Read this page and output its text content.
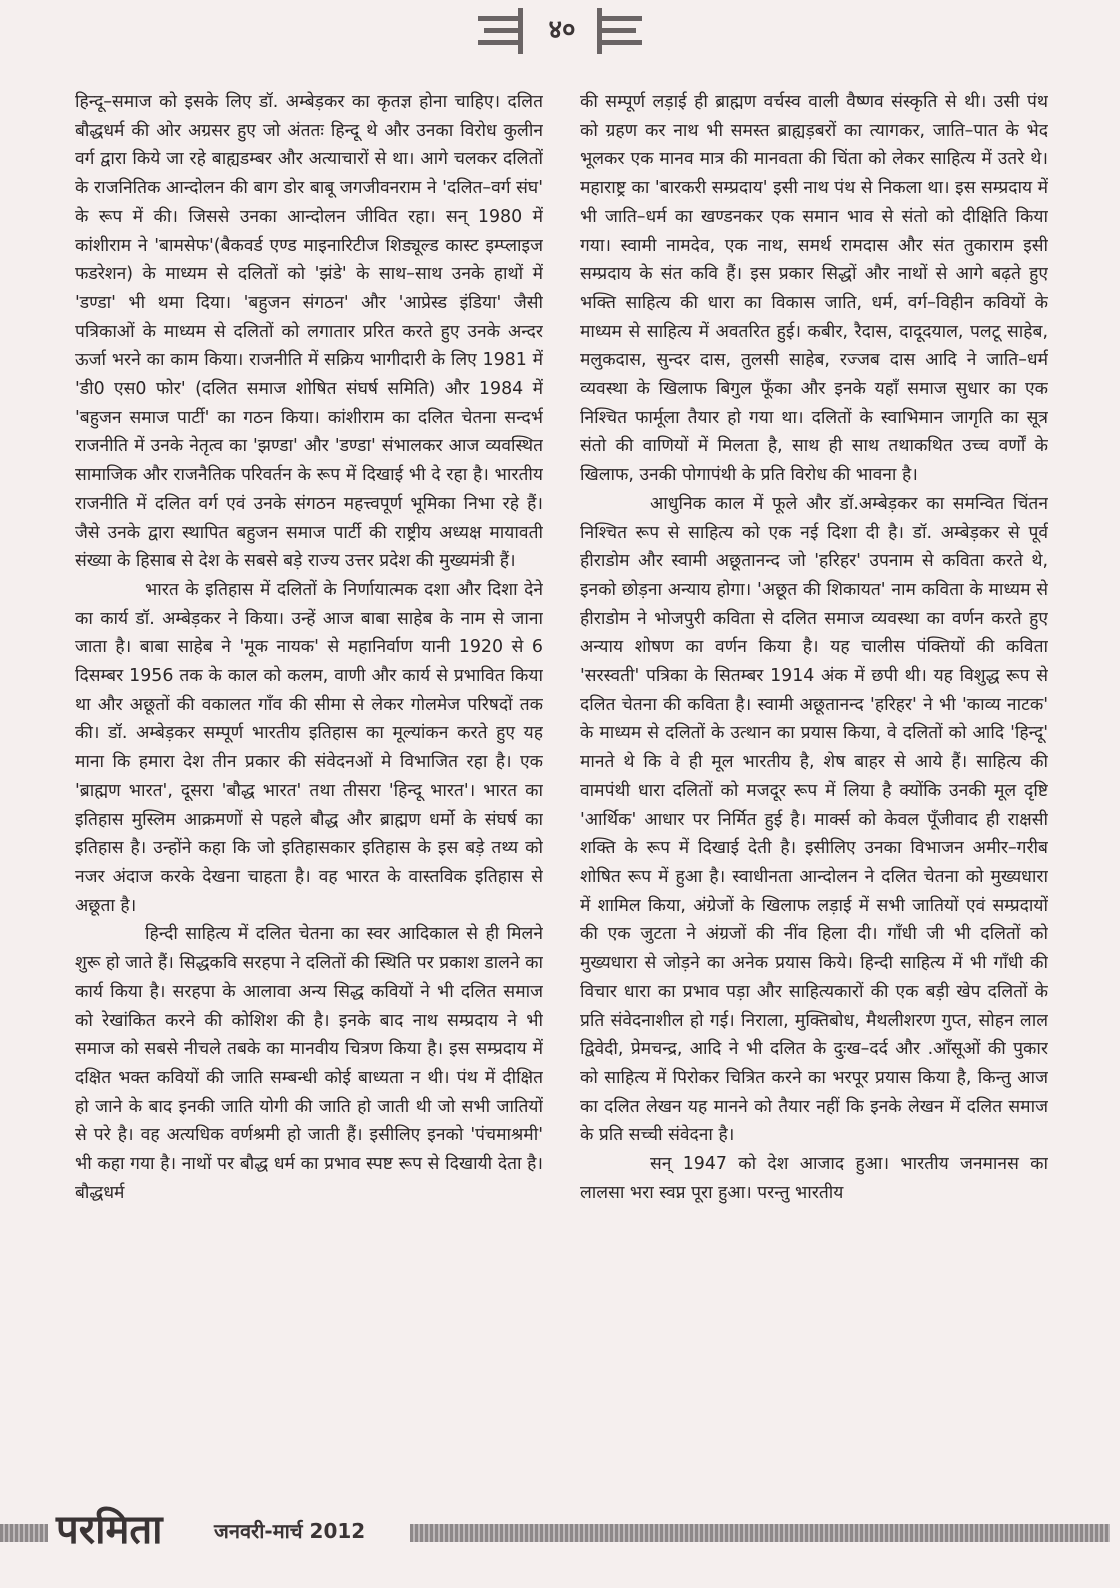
४०

हिन्दू–समाज को इसके लिए डॉ. अम्बेड़कर का कृतज्ञ होना चाहिए। दलित बौद्धधर्म की ओर अग्रसर हुए जो अंततः हिन्दू थे और उनका विरोध कुलीन वर्ग द्वारा किये जा रहे बाह्यडम्बर और अत्याचारों से था। आगे चलकर दलितों के राजनितिक आन्दोलन की बाग डोर बाबू जगजीवनराम ने 'दलित–वर्ग संघ' के रूप में की। जिससे उनका आन्दोलन जीवित रहा। सन् 1980 में कांशीराम ने 'बामसेफ'(बैकवर्ड एण्ड माइनारिटीज शिड्यूल्ड कास्ट इम्प्लाइज फडरेशन) के माध्यम से दलितों को 'झंडे' के साथ–साथ उनके हाथों में 'डण्डा' भी थमा दिया। 'बहुजन संगठन' और 'आप्रेस्ड इंडिया' जैसी पत्रिकाओं के माध्यम से दलितों को लगातार प्ररित करते हुए उनके अन्दर ऊर्जा भरने का काम किया। राजनीति में सक्रिय भागीदारी के लिए 1981 में 'डी0 एस0 फोर' (दलित समाज शोषित संघर्ष समिति) और 1984 में 'बहुजन समाज पार्टी' का गठन किया। कांशीराम का दलित चेतना सन्दर्भ राजनीति में उनके नेतृत्व का 'झण्डा' और 'डण्डा' संभालकर आज व्यवस्थित सामाजिक और राजनैतिक परिवर्तन के रूप में दिखाई भी दे रहा है। भारतीय राजनीति में दलित वर्ग एवं उनके संगठन महत्त्वपूर्ण भूमिका निभा रहे हैं। जैसे उनके द्वारा स्थापित बहुजन समाज पार्टी की राष्ट्रीय अध्यक्ष मायावती संख्या के हिसाब से देश के सबसे बड़े राज्य उत्तर प्रदेश की मुख्यमंत्री हैं।

भारत के इतिहास में दलितों के निर्णायात्मक दशा और दिशा देने का कार्य डॉ. अम्बेड़कर ने किया। उन्हें आज बाबा साहेब के नाम से जाना जाता है। बाबा साहेब ने 'मूक नायक' से महानिर्वाण यानी 1920 से 6 दिसम्बर 1956 तक के काल को कलम, वाणी और कार्य से प्रभावित किया था और अछूतों की वकालत गाँव की सीमा से लेकर गोलमेज परिषदों तक की। डॉ. अम्बेड़कर सम्पूर्ण भारतीय इतिहास का मूल्यांकन करते हुए यह माना कि हमारा देश तीन प्रकार की संवेदनओं मे विभाजित रहा है। एक 'ब्राह्मण भारत', दूसरा 'बौद्ध भारत' तथा तीसरा 'हिन्दू भारत'। भारत का इतिहास मुस्लिम आक्रमणों से पहले बौद्ध और ब्राह्मण धर्मो के संघर्ष का इतिहास है। उन्होंने कहा कि जो इतिहासकार इतिहास के इस बड़े तथ्य को नजर अंदाज करके देखना चाहता है। वह भारत के वास्तविक इतिहास से अछूता है।

हिन्दी साहित्य में दलित चेतना का स्वर आदिकाल से ही मिलने शुरू हो जाते हैं। सिद्धकवि सरहपा ने दलितों की स्थिति पर प्रकाश डालने का कार्य किया है। सरहपा के आलावा अन्य सिद्ध कवियों ने भी दलित समाज को रेखांकित करने की कोशिश की है। इनके बाद नाथ सम्प्रदाय ने भी समाज को सबसे नीचले तबके का मानवीय चित्रण किया है। इस सम्प्रदाय में दक्षित भक्त कवियों की जाति सम्बन्धी कोई बाध्यता न थी। पंथ में दीक्षित हो जाने के बाद इनकी जाति योगी की जाति हो जाती थी जो सभी जातियों से परे है। वह अत्यधिक वर्णश्रमी हो जाती हैं। इसीलिए इनको 'पंचमाश्रमी' भी कहा गया है। नाथों पर बौद्ध धर्म का प्रभाव स्पष्ट रूप से दिखायी देता है। बौद्धधर्म

की सम्पूर्ण लड़ाई ही ब्राह्मण वर्चस्व वाली वैष्णव संस्कृति से थी। उसी पंथ को ग्रहण कर नाथ भी समस्त ब्राह्यड़बरों का त्यागकर, जाति–पात के भेद भूलकर एक मानव मात्र की मानवता की चिंता को लेकर साहित्य में उतरे थे। महाराष्ट्र का 'बारकरी सम्प्रदाय' इसी नाथ पंथ से निकला था। इस सम्प्रदाय में भी जाति–धर्म का खण्डनकर एक समान भाव से संतो को दीक्षिति किया गया। स्वामी नामदेव, एक नाथ, समर्थ रामदास और संत तुकाराम इसी सम्प्रदाय के संत कवि हैं। इस प्रकार सिद्धों और नाथों से आगे बढ़ते हुए भक्ति साहित्य की धारा का विकास जाति, धर्म, वर्ग–विहीन कवियों के माध्यम से साहित्य में अवतरित हुई। कबीर, रैदास, दादूदयाल, पलटू साहेब, मलुकदास, सुन्दर दास, तुलसी साहेब, रज्जब दास आदि ने जाति–धर्म व्यवस्था के खिलाफ बिगुल फूँका और इनके यहाँ समाज सुधार का एक निश्चित फार्मूला तैयार हो गया था। दलितों के स्वाभिमान जागृति का सूत्र संतो की वाणियों में मिलता है, साथ ही साथ तथाकथित उच्च वर्णों के खिलाफ, उनकी पोगापंथी के प्रति विरोध की भावना है।

आधुनिक काल में फूले और डॉ.अम्बेड़कर का समन्वित चिंतन निश्चित रूप से साहित्य को एक नई दिशा दी है। डॉ. अम्बेड़कर से पूर्व हीराडोम और स्वामी अछूतानन्द जो 'हरिहर' उपनाम से कविता करते थे, इनको छोड़ना अन्याय होगा। 'अछूत की शिकायत' नाम कविता के माध्यम से हीराडोम ने भोजपुरी कविता से दलित समाज व्यवस्था का वर्णन करते हुए अन्याय शोषण का वर्णन किया है। यह चालीस पंक्तियों की कविता 'सरस्वती' पत्रिका के सितम्बर 1914 अंक में छपी थी। यह विशुद्ध रूप से दलित चेतना की कविता है। स्वामी अछूतानन्द 'हरिहर' ने भी 'काव्य नाटक' के माध्यम से दलितों के उत्थान का प्रयास किया, वे दलितों को आदि 'हिन्दू' मानते थे कि वे ही मूल भारतीय है, शेष बाहर से आये हैं। साहित्य की वामपंथी धारा दलितों को मजदूर रूप में लिया है क्योंकि उनकी मूल दृष्टि 'आर्थिक' आधार पर निर्मित हुई है। मार्क्स को केवल पूँजीवाद ही राक्षसी शक्ति के रूप में दिखाई देती है। इसीलिए उनका विभाजन अमीर–गरीब शोषित रूप में हुआ है। स्वाधीनता आन्दोलन ने दलित चेतना को मुख्यधारा में शामिल किया, अंग्रेजों के खिलाफ लड़ाई में सभी जातियों एवं सम्प्रदायों की एक जुटता ने अंग्रजों की नींव हिला दी। गाँधी जी भी दलितों को मुख्यधारा से जोड़ने का अनेक प्रयास किये। हिन्दी साहित्य में भी गाँधी की विचार धारा का प्रभाव पड़ा और साहित्यकारों की एक बड़ी खेप दलितों के प्रति संवेदनाशील हो गई। निराला, मुक्तिबोध, मैथलीशरण गुप्त, सोहन लाल द्विवेदी, प्रेमचन्द्र, आदि ने भी दलित के दुःख–दर्द और .आँसूओं की पुकार को साहित्य में पिरोकर चित्रित करने का भरपूर प्रयास किया है, किन्तु आज का दलित लेखन यह मानने को तैयार नहीं कि इनके लेखन में दलित समाज के प्रति सच्ची संवेदना है।

सन् 1947 को देश आजाद हुआ। भारतीय जनमानस का लालसा भरा स्वप्न पूरा हुआ। परन्तु भारतीय

परमिता	जनवरी-मार्च 2012
